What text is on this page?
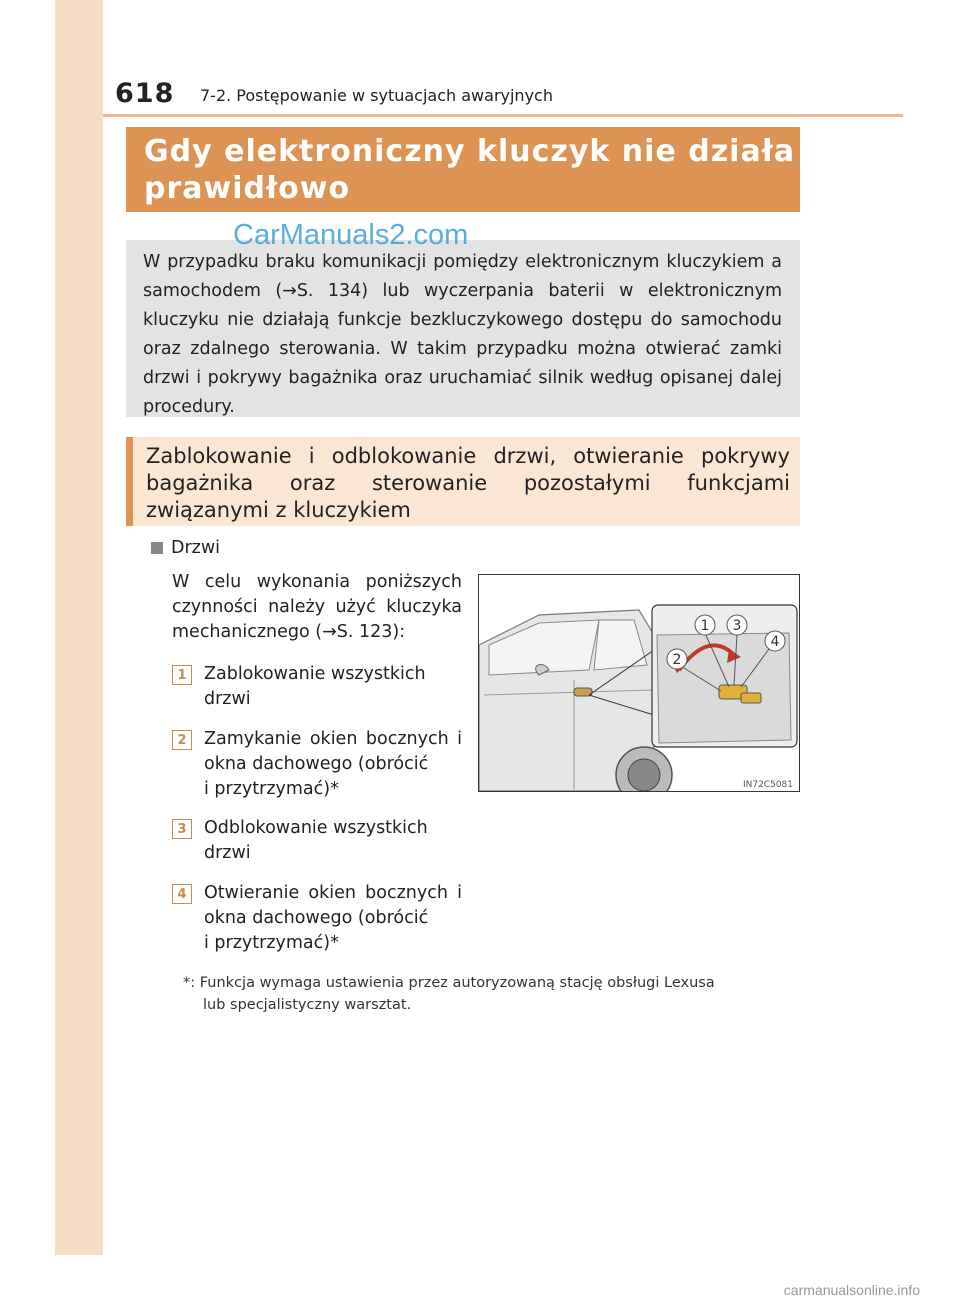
618 7-2. Postępowanie w sytuacjach awaryjnych
Gdy elektroniczny kluczyk nie działa
prawidłowo
W przypadku braku komunikacji pomiędzy elektronicznym kluczykiem a samochodem (→S. 134) lub wyczerpania baterii w elektronicznym kluczyku nie działają funkcje bezkluczykowego dostępu do samochodu oraz zdalnego sterowania. W takim przypadku można otwierać zamki drzwi i pokrywy bagażnika oraz uruchamiać silnik według opisanej dalej procedury.
CarManuals2.com
Zablokowanie i odblokowanie drzwi, otwieranie pokrywy bagażnika oraz sterowanie pozostałymi funkcjami związanymi z kluczykiem
Drzwi
W celu wykonania poniższych czynności należy użyć kluczyka mechanicznego (→S. 123):
1 Zablokowanie wszystkich
drzwi
2 Zamykanie okien bocznych i okna dachowego (obrócić
i przytrzymać)*
3 Odblokowanie wszystkich
drzwi
4 Otwieranie okien bocznych i okna dachowego (obrócić
i przytrzymać)*
1 3
2
4
IN72C5081
*: Funkcja wymaga ustawienia przez autoryzowaną stację obsługi Lexusa
lub specjalistyczny warsztat.
carmanualsonline.info
